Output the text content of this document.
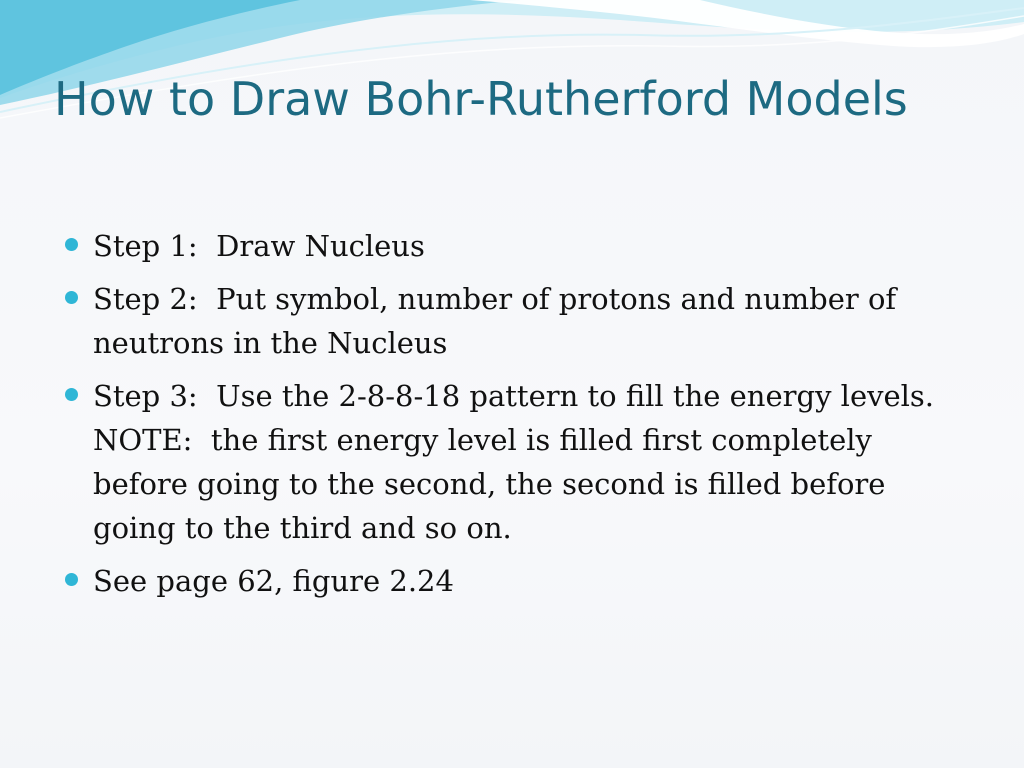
How to Draw Bohr-Rutherford Models
Step 1:  Draw Nucleus
Step 2:  Put symbol, number of protons and number of neutrons in the Nucleus
Step 3:  Use the 2-8-8-18 pattern to fill the energy levels.  NOTE:  the first energy level is filled first completely before going to the second, the second is filled before going to the third and so on.
See page 62, figure 2.24
